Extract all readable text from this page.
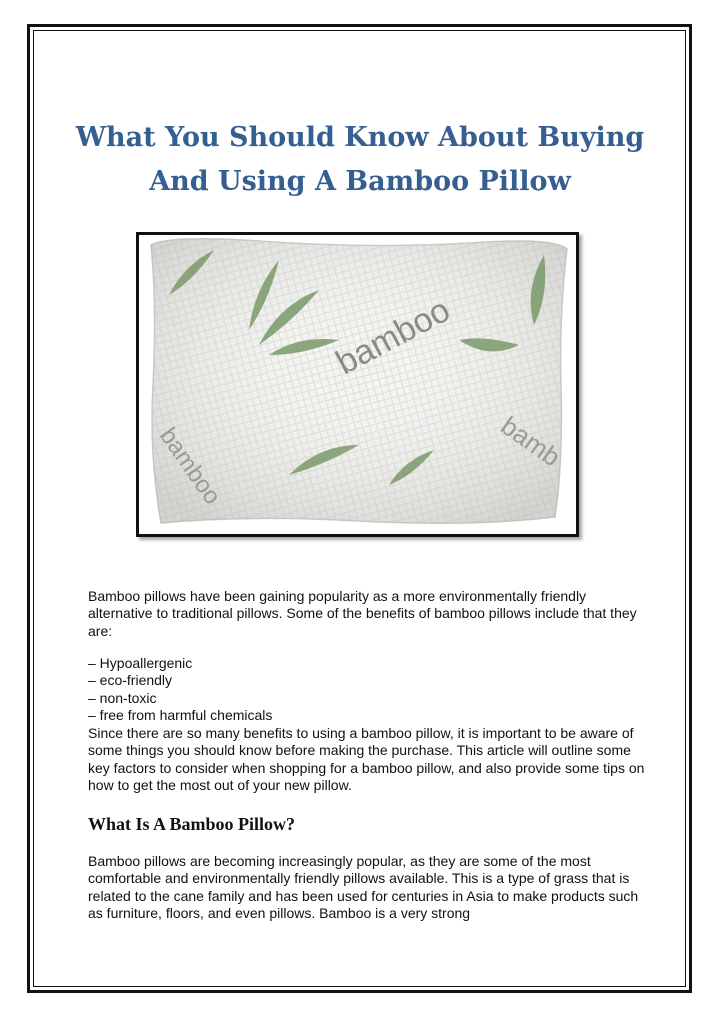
What You Should Know About Buying
And Using A Bamboo Pillow
bamboo
bamb
bamboo

Bamboo pillows have been gaining popularity as a more environmentally friendly alternative to traditional pillows. Some of the benefits of bamboo pillows include that they are:

– Hypoallergenic
– eco-friendly
– non-toxic
– free from harmful chemicals

Since there are so many benefits to using a bamboo pillow, it is important to be aware of some things you should know before making the purchase. This article will outline some key factors to consider when shopping for a bamboo pillow, and also provide some tips on how to get the most out of your new pillow.

What Is A Bamboo Pillow?

Bamboo pillows are becoming increasingly popular, as they are some of the most comfortable and environmentally friendly pillows available. This is a type of grass that is related to the cane family and has been used for centuries in Asia to make products such as furniture, floors, and even pillows. Bamboo is a very strong
